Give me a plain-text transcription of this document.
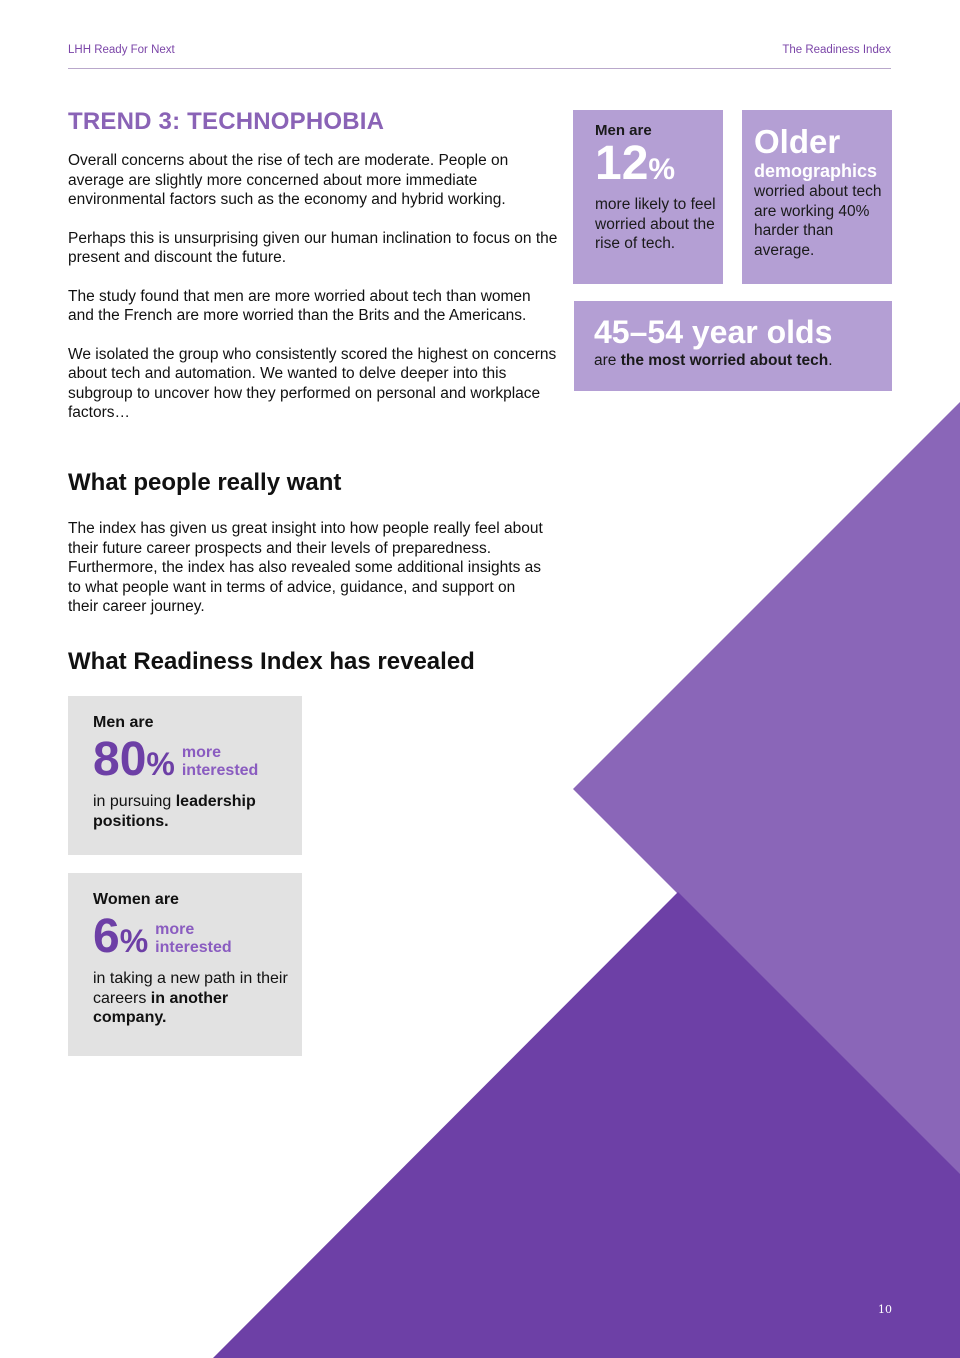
LHH Ready For Next	The Readiness Index
TREND 3: TECHNOPHOBIA

Overall concerns about the rise of tech are moderate. People on average are slightly more concerned about more immediate environmental factors such as the economy and hybrid working.

Perhaps this is unsurprising given our human inclination to focus on the present and discount the future.

The study found that men are more worried about tech than women and the French are more worried than the Brits and the Americans.

We isolated the group who consistently scored the highest on concerns about tech and automation. We wanted to delve deeper into this subgroup to uncover how they performed on personal and workplace factors…

What people really want
The index has given us great insight into how people really feel about their future career prospects and their levels of preparedness. Furthermore, the index has also revealed some additional insights as to what people want in terms of advice, guidance, and support on their career journey.
What Readiness Index has revealed
Men are
12%
more likely to feel worried about the rise of tech.
Older
demographics
worried about tech are working 40% harder than average.
45–54 year olds
are the most worried about tech.
Men are
80% more
interested
in pursuing leadership positions.
Women are
6% more
interested
in taking a new path in their careers in another company.
10
